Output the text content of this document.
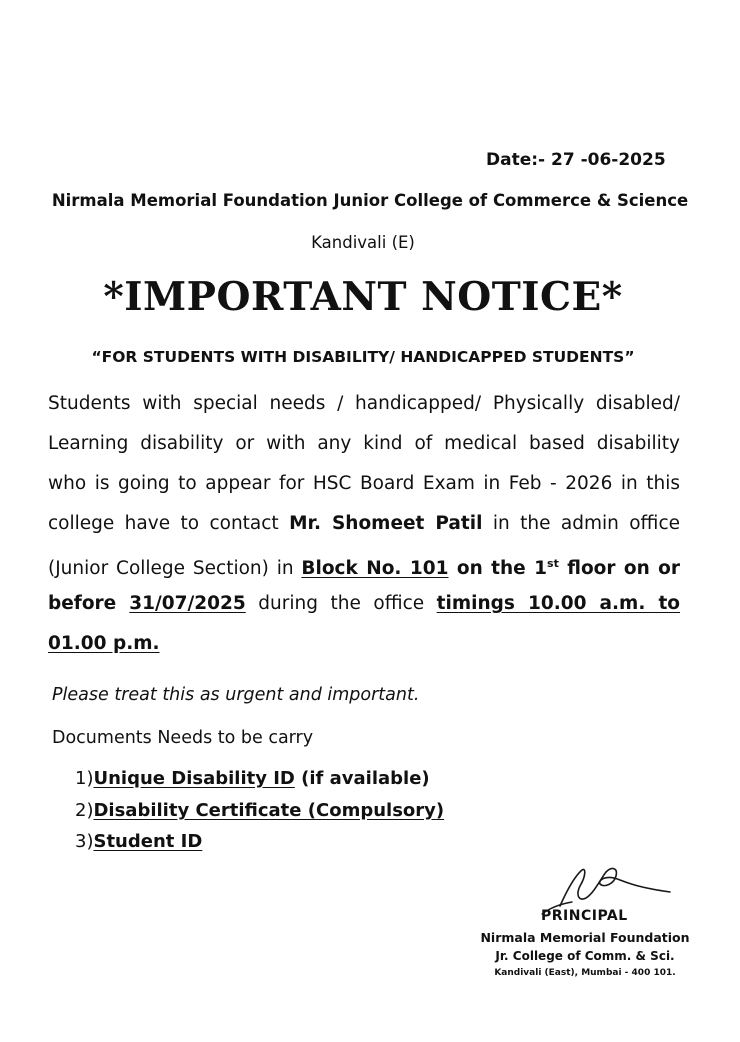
Date:- 27 -06-2025
Nirmala Memorial Foundation Junior College of Commerce & Science
Kandivali (E)
*IMPORTANT NOTICE*
“FOR STUDENTS WITH DISABILITY/ HANDICAPPED STUDENTS”
Students with special needs / handicapped/ Physically disabled/
Learning disability or with any kind of medical based disability
who is going to appear for HSC Board Exam in Feb - 2026 in this
college have to contact Mr. Shomeet Patil in the admin office
(Junior College Section) in Block No. 101 on the 1st floor on or
before 31/07/2025 during the office timings 10.00 a.m. to
01.00 p.m.
Please treat this as urgent and important.
Documents Needs to be carry
1)Unique Disability ID (if available)
2)Disability Certificate (Compulsory)
3)Student ID
PRINCIPAL
Nirmala Memorial Foundation
Jr. College of Comm. & Sci.
Kandivali (East), Mumbai - 400 101.
